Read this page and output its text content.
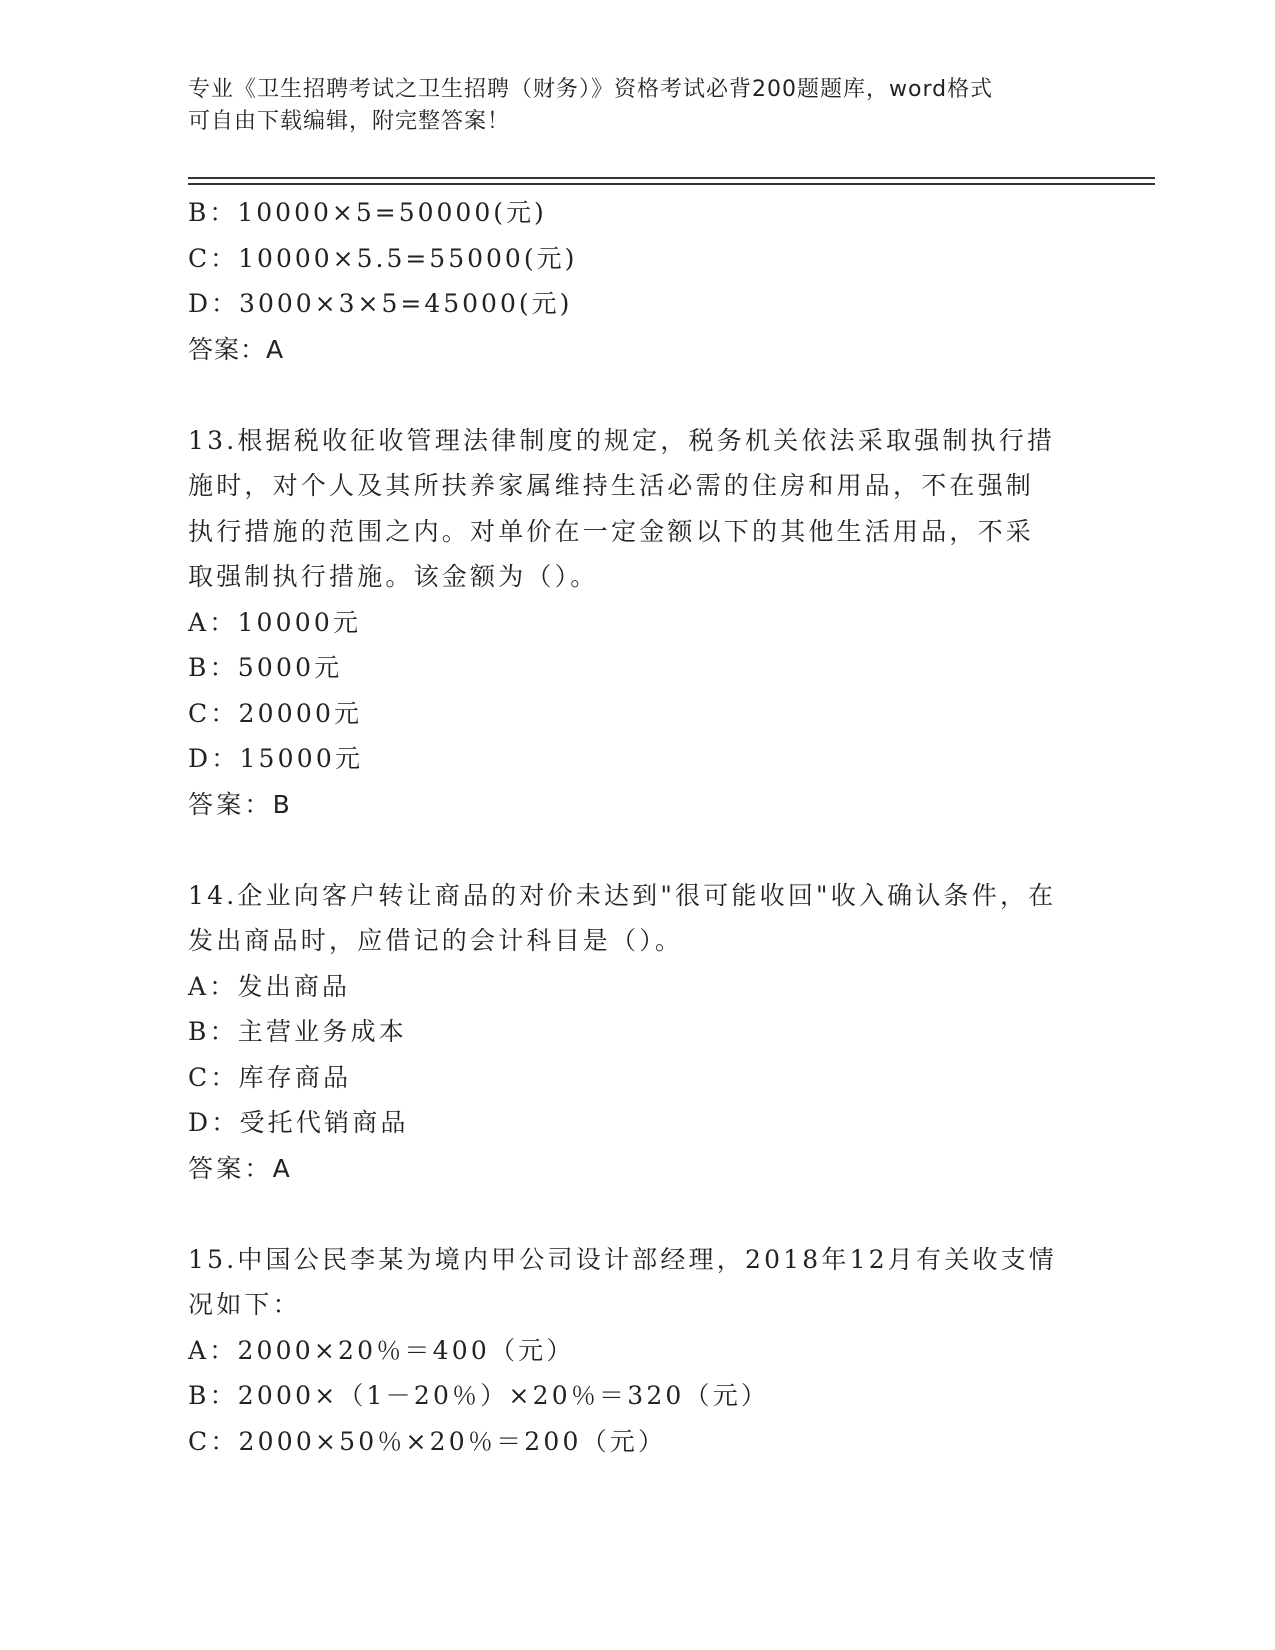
专业《卫生招聘考试之卫生招聘（财务）》资格考试必背200题题库，word格式
可自由下载编辑，附完整答案！
B：10000×5=50000(元)
C：10000×5.5=55000(元)
D：3000×3×5=45000(元)
答案：A
13.根据税收征收管理法律制度的规定，税务机关依法采取强制执行措
施时，对个人及其所扶养家属维持生活必需的住房和用品，不在强制
执行措施的范围之内。对单价在一定金额以下的其他生活用品，不采
取强制执行措施。该金额为（）。
A：10000元
B：5000元
C：20000元
D：15000元
答案：B
14.企业向客户转让商品的对价未达到"很可能收回"收入确认条件，在
发出商品时，应借记的会计科目是（）。
A：发出商品
B：主营业务成本
C：库存商品
D：受托代销商品
答案：A
15.中国公民李某为境内甲公司设计部经理，2018年12月有关收支情
况如下：
A：2000×20％＝400（元）
B：2000×（1－20％）×20％＝320（元）
C：2000×50％×20％＝200（元）
